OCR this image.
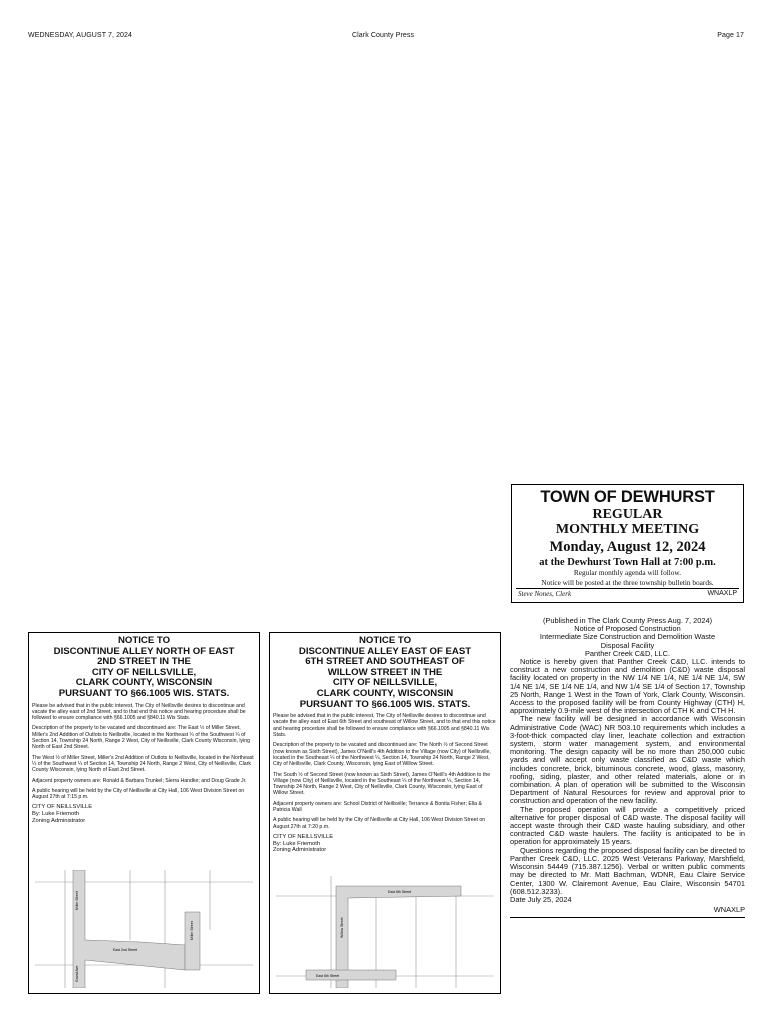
WEDNESDAY, AUGUST 7, 2024	Clark County Press	Page 17
TOWN OF DEWHURST
REGULAR
MONTHLY MEETING
Monday, August 12, 2024
at the Dewhurst Town Hall at 7:00 p.m.
Regular monthly agenda will follow.
Notice will be posted at the three township bulletin boards.
Steve Nones, Clerk	WNAXLP
NOTICE TO
DISCONTINUE ALLEY NORTH OF EAST
2ND STREET IN THE
CITY OF NEILLSVILLE,
CLARK COUNTY, WISCONSIN
PURSUANT TO §66.1005 WIS. STATS.

Please be advised that in the public interest, The City of Neillsville desires to discontinue and vacate the alley east of 2nd Street, and to that end this notice and hearing procedure shall be followed to ensure compliance with §66.1005 and §840.11 Wis Stats.

Description of the property to be vacated and discontinued are: The East ½ of Miller Street, Miller's 2nd Addition of Outlots to Neillsville, located in the Northeast ¼ of the Southwest ¼ of Section 14, Township 24 North, Range 2 West, City of Neillsville, Clark County Wisconsin, lying North of East 2nd Street.

The West ½ of Miller Street, Miller's 2nd Addition of Outlots to Neillsville, located in the Northeast ¼ of the Southwest ¼ of Section 14, Township 24 North, Range 2 West, City of Neillsville, Clark County Wisconsin, lying North of East 2nd Street.

Adjacent property owners are: Ronald & Barbara Trunkel; Sierra Handke; and Doug Grade Jr.

A public hearing will be held by the City of Neillsville at City Hall, 106 West Division Street on August 27th at 7:15 p.m.

CITY OF NEILLSVILLE
By: Luke Friemoth
Zoning Administrator
Miller Street
Miller Street
East 2nd Street
Grand Ave
NOTICE TO
DISCONTINUE ALLEY EAST OF EAST
6TH STREET AND SOUTHEAST OF
WILLOW STREET IN THE
CITY OF NEILLSVILLE,
CLARK COUNTY, WISCONSIN
PURSUANT TO §66.1005 WIS. STATS.

Please be advised that in the public interest, The City of Neillsville desires to discontinue and vacate the alley east of East 6th Street and southeast of Willow Street, and to that end this notice and hearing procedure shall be followed to ensure compliance with §66.1005 and §840.11 Wis Stats.

Description of the property to be vacated and discontinued are: The North ½ of Second Street (now known as Sixth Street), James O'Neill's 4th Addition to the Village (now City) of Neillsville, located in the Southeast ¼ of the Northwest ¼, Section 14, Township 24 North, Range 2 West, City of Neillsville, Clark County, Wisconsin, lying East of Willow Street.

The South ½ of Second Street (now known as Sixth Street), James O'Neill's 4th Addition to the Village (now City) of Neillsville, located in the Southeast ¼ of the Northwest ¼, Section 14, Township 24 North, Range 2 West, City of Neillsville, Clark County, Wisconsin, lying East of Willow Street.

Adjacent property owners are: School District of Neillsville; Terrance & Bonita Fisher; Ella & Patricia Wall

A public hearing will be held by the City of Neillsville at City Hall, 106 West Division Street on August 27th at 7:20 p.m.

CITY OF NEILLSVILLE
By: Luke Friemoth
Zoning Administrator
East 6th Street
Willow Street
East 6th Street
(Published in The Clark County Press Aug. 7, 2024)
Notice of Proposed Construction
Intermediate Size Construction and Demolition Waste
Disposal Facility
Panther Creek C&D, LLC.

Notice is hereby given that Panther Creek C&D, LLC. intends to construct a new construction and demolition (C&D) waste disposal facility located on property in the NW 1/4 NE 1/4, NE 1/4 NE 1/4, SW 1/4 NE 1/4, SE 1/4 NE 1/4, and NW 1/4 SE 1/4 of Section 17, Township 25 North, Range 1 West in the Town of York, Clark County, Wisconsin. Access to the proposed facility will be from County Highway (CTH) H, approximately 0.9-mile west of the intersection of CTH K and CTH H.

The new facility will be designed in accordance with Wisconsin Administrative Code (WAC) NR 503.10 requirements which includes a 3-foot-thick compacted clay liner, leachate collection and extraction system, storm water management system, and environmental monitoring. The design capacity will be no more than 250,000 cubic yards and will accept only waste classified as C&D waste which includes concrete, brick, bituminous concrete, wood, glass, masonry, roofing, siding, plaster, and other related materials, alone or in combination. A plan of operation will be submitted to the Wisconsin Department of Natural Resources for review and approval prior to construction and operation of the new facility.

The proposed operation will provide a competitively priced alternative for proper disposal of C&D waste. The disposal facility will accept waste through their C&D waste hauling subsidiary, and other contracted C&D waste haulers. The facility is anticipated to be in operation for approximately 15 years.

Questions regarding the proposed disposal facility can be directed to Panther Creek C&D, LLC. 2025 West Veterans Parkway, Marshfield, Wisconsin 54449 (715.387.1256). Verbal or written public comments may be directed to Mr. Matt Bachman, WDNR, Eau Claire Service Center, 1300 W. Clairemont Avenue, Eau Claire, Wisconsin 54701 (608.512.3233).

Date July 25, 2024

WNAXLP
